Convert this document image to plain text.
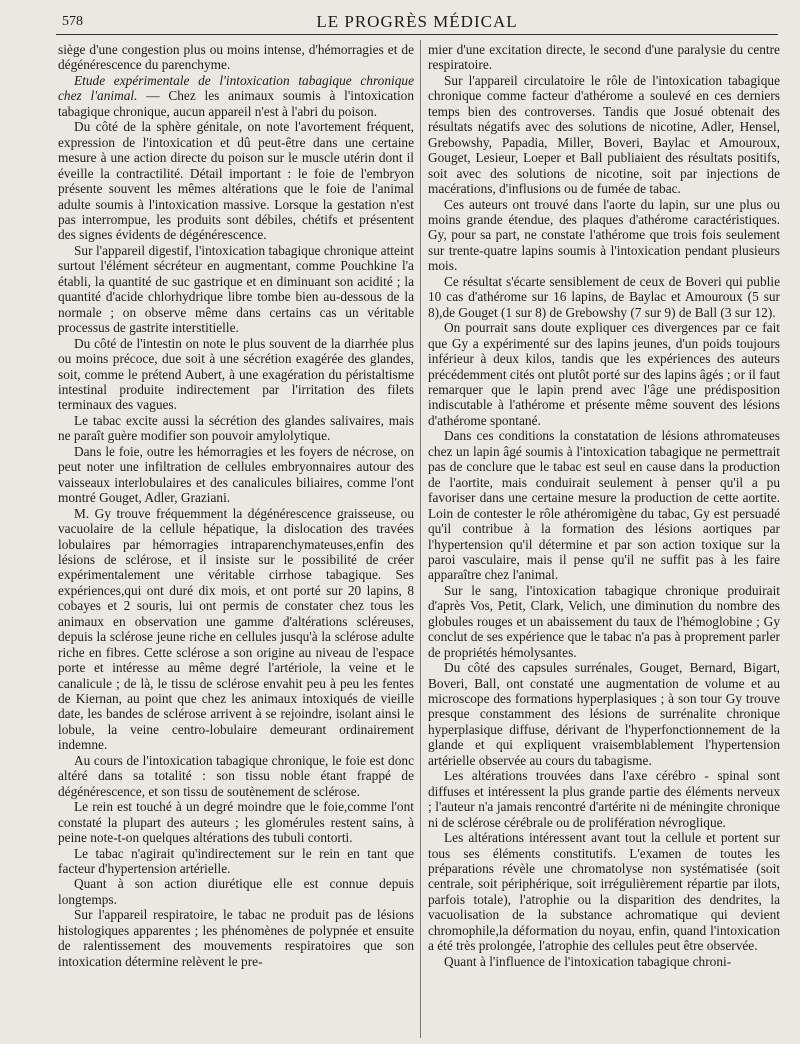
578	LE PROGRÈS MÉDICAL

siège d'une congestion plus ou moins intense, d'hémorragies et de dégénérescence du parenchyme.

Etude expérimentale de l'intoxication tabagique chronique chez l'animal. — Chez les animaux soumis à l'intoxication tabagique chronique, aucun appareil n'est à l'abri du poison.

Du côté de la sphère génitale, on note l'avortement fréquent, expression de l'intoxication et dû peut-être dans une certaine mesure à une action directe du poison sur le muscle utérin dont il éveille la contractilité. Détail important : le foie de l'embryon présente souvent les mêmes altérations que le foie de l'animal adulte soumis à l'intoxication massive. Lorsque la gestation n'est pas interrompue, les produits sont débiles, chétifs et présentent des signes évidents de dégénérescence.

Sur l'appareil digestif, l'intoxication tabagique chronique atteint surtout l'élément sécréteur en augmentant, comme Pouchkine l'a établi, la quantité de suc gastrique et en diminuant son acidité ; la quantité d'acide chlorhydrique libre tombe bien au-dessous de la normale ; on observe même dans certains cas un véritable processus de gastrite interstitielle.

Du côté de l'intestin on note le plus souvent de la diarrhée plus ou moins précoce, due soit à une sécrétion exagérée des glandes, soit, comme le prétend Aubert, à une exagération du péristaltisme intestinal produite indirectement par l'irritation des filets terminaux des vagues.

Le tabac excite aussi la sécrétion des glandes salivaires, mais ne paraît guère modifier son pouvoir amylolytique.

Dans le foie, outre les hémorragies et les foyers de nécrose, on peut noter une infiltration de cellules embryonnaires autour des vaisseaux interlobulaires et des canalicules biliaires, comme l'ont montré Gouget, Adler, Graziani.

M. Gy trouve fréquemment la dégénérescence graisseuse, ou vacuolaire de la cellule hépatique, la dislocation des travées lobulaires par hémorragies intraparenchymateuses,enfin des lésions de sclérose, et il insiste sur le possibilité de créer expérimentalement une véritable cirrhose tabagique. Ses expériences,qui ont duré dix mois, et ont porté sur 20 lapins, 8 cobayes et 2 souris, lui ont permis de constater chez tous les animaux en observation une gamme d'altérations scléreuses, depuis la sclérose jeune riche en cellules jusqu'à la sclérose adulte riche en fibres. Cette sclérose a son origine au niveau de l'espace porte et intéresse au même degré l'artériole, la veine et le canalicule ; de là, le tissu de sclérose envahit peu à peu les fentes de Kiernan, au point que chez les animaux intoxiqués de vieille date, les bandes de sclérose arrivent à se rejoindre, isolant ainsi le lobule, la veine centro-lobulaire demeurant ordinairement indemne.

Au cours de l'intoxication tabagique chronique, le foie est donc altéré dans sa totalité : son tissu noble étant frappé de dégénérescence, et son tissu de soutènement de sclérose.

Le rein est touché à un degré moindre que le foie,comme l'ont constaté la plupart des auteurs ; les glomérules restent sains, à peine note-t-on quelques altérations des tubuli contorti.

Le tabac n'agirait qu'indirectement sur le rein en tant que facteur d'hypertension artérielle.

Quant à son action diurétique elle est connue depuis longtemps.

Sur l'appareil respiratoire, le tabac ne produit pas de lésions histologiques apparentes ; les phénomènes de polypnée et ensuite de ralentissement des mouvements respiratoires que son intoxication détermine relèvent le pre-

mier d'une excitation directe, le second d'une paralysie du centre respiratoire.

Sur l'appareil circulatoire le rôle de l'intoxication tabagique chronique comme facteur d'athérome a soulevé en ces derniers temps bien des controverses. Tandis que Josué obtenait des résultats négatifs avec des solutions de nicotine, Adler, Hensel, Grebowshy, Papadia, Miller, Boveri, Baylac et Amouroux, Gouget, Lesieur, Loeper et Ball publiaient des résultats positifs, soit avec des solutions de nicotine, soit par injections de macérations, d'influsions ou de fumée de tabac.

Ces auteurs ont trouvé dans l'aorte du lapin, sur une plus ou moins grande étendue, des plaques d'athérome caractéristiques. Gy, pour sa part, ne constate l'athérome que trois fois seulement sur trente-quatre lapins soumis à l'intoxication pendant plusieurs mois.

Ce résultat s'écarte sensiblement de ceux de Boveri qui publie 10 cas d'athérome sur 16 lapins, de Baylac et Amouroux (5 sur 8),de Gouget (1 sur 8) de Grebowshy (7 sur 9) de Ball (3 sur 12).

On pourrait sans doute expliquer ces divergences par ce fait que Gy a expérimenté sur des lapins jeunes, d'un poids toujours inférieur à deux kilos, tandis que les expériences des auteurs précédemment cités ont plutôt porté sur des lapins âgés ; or il faut remarquer que le lapin prend avec l'âge une prédisposition indiscutable à l'athérome et présente même souvent des lésions d'athérome spontané.

Dans ces conditions la constatation de lésions athromateuses chez un lapin âgé soumis à l'intoxication tabagique ne permettrait pas de conclure que le tabac est seul en cause dans la production de l'aortite, mais conduirait seulement à penser qu'il a pu favoriser dans une certaine mesure la production de cette aortite. Loin de contester le rôle athéromigène du tabac, Gy est persuadé qu'il contribue à la formation des lésions aortiques par l'hypertension qu'il détermine et par son action toxique sur la paroi vasculaire, mais il pense qu'il ne suffit pas à les faire apparaître chez l'animal.

Sur le sang, l'intoxication tabagique chronique produirait d'après Vos, Petit, Clark, Velich, une diminution du nombre des globules rouges et un abaissement du taux de l'hémoglobine ; Gy conclut de ses expérience que le tabac n'a pas à proprement parler de propriétés hémolysantes.

Du côté des capsules surrénales, Gouget, Bernard, Bigart, Boveri, Ball, ont constaté une augmentation de volume et au microscope des formations hyperplasiques ; à son tour Gy trouve presque constamment des lésions de surrénalite chronique hyperplasique diffuse, dérivant de l'hyperfonctionnement de la glande et qui expliquent vraisemblablement l'hypertension artérielle observée au cours du tabagisme.

Les altérations trouvées dans l'axe cérébro - spinal sont diffuses et intéressent la plus grande partie des éléments nerveux ; l'auteur n'a jamais rencontré d'artérite ni de méningite chronique ni de sclérose cérébrale ou de prolifération névroglique.

Les altérations intéressent avant tout la cellule et portent sur tous ses éléments constitutifs. L'examen de toutes les préparations révèle une chromatolyse non systématisée (soit centrale, soit périphérique, soit irrégulièrement répartie par ilots, parfois totale), l'atrophie ou la disparition des dendrites, la vacuolisation de la substance achromatique qui devient chromophile,la déformation du noyau, enfin, quand l'intoxication a été très prolongée, l'atrophie des cellules peut être observée.

Quant à l'influence de l'intoxication tabagique chroni-
